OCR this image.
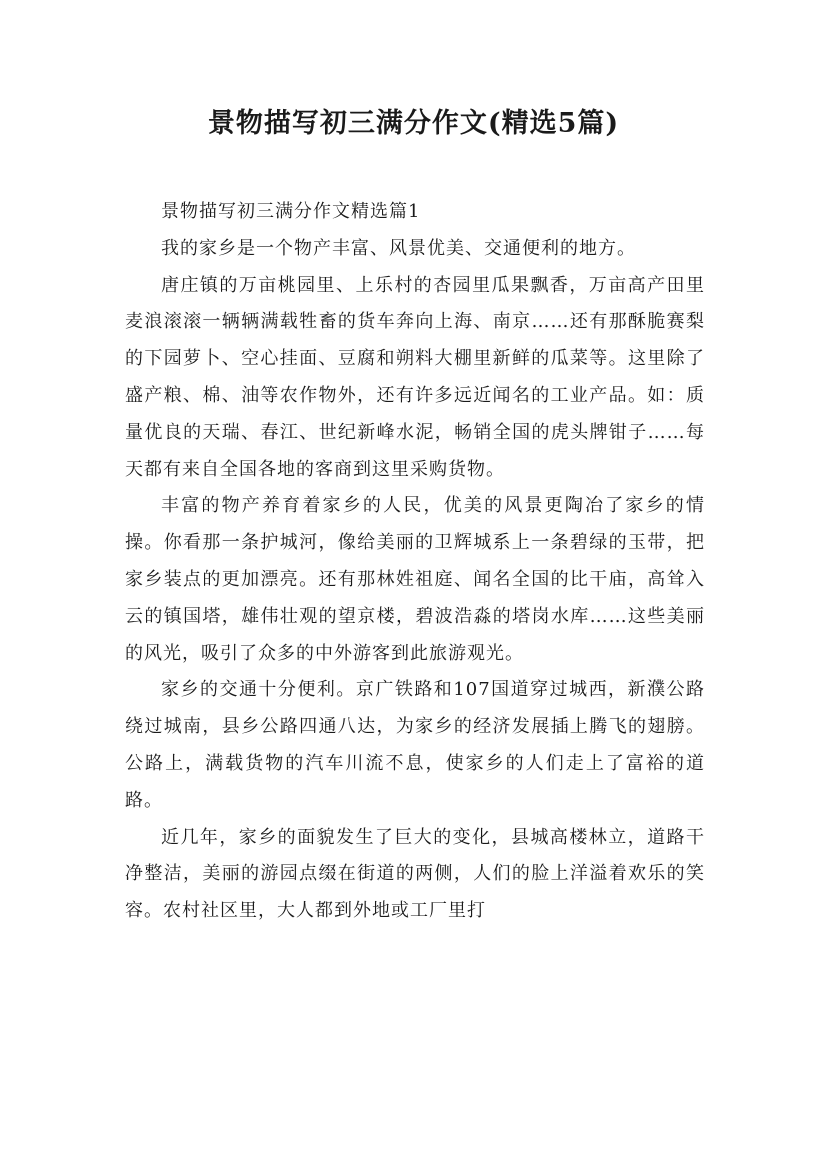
景物描写初三满分作文(精选5篇)

景物描写初三满分作文精选篇1

我的家乡是一个物产丰富、风景优美、交通便利的地方。

唐庄镇的万亩桃园里、上乐村的杏园里瓜果飘香，万亩高产田里麦浪滚滚一辆辆满载牲畜的货车奔向上海、南京……还有那酥脆赛梨的下园萝卜、空心挂面、豆腐和朔料大棚里新鲜的瓜菜等。这里除了盛产粮、棉、油等农作物外，还有许多远近闻名的工业产品。如：质量优良的天瑞、春江、世纪新峰水泥，畅销全国的虎头牌钳子……每天都有来自全国各地的客商到这里采购货物。

丰富的物产养育着家乡的人民，优美的风景更陶冶了家乡的情操。你看那一条护城河，像给美丽的卫辉城系上一条碧绿的玉带，把家乡装点的更加漂亮。还有那林姓祖庭、闻名全国的比干庙，高耸入云的镇国塔，雄伟壮观的望京楼，碧波浩淼的塔岗水库……这些美丽的风光，吸引了众多的中外游客到此旅游观光。

家乡的交通十分便利。京广铁路和107国道穿过城西，新濮公路绕过城南，县乡公路四通八达，为家乡的经济发展插上腾飞的翅膀。公路上，满载货物的汽车川流不息，使家乡的人们走上了富裕的道路。

近几年，家乡的面貌发生了巨大的变化，县城高楼林立，道路干净整洁，美丽的游园点缀在街道的两侧，人们的脸上洋溢着欢乐的笑容。农村社区里，大人都到外地或工厂里打
